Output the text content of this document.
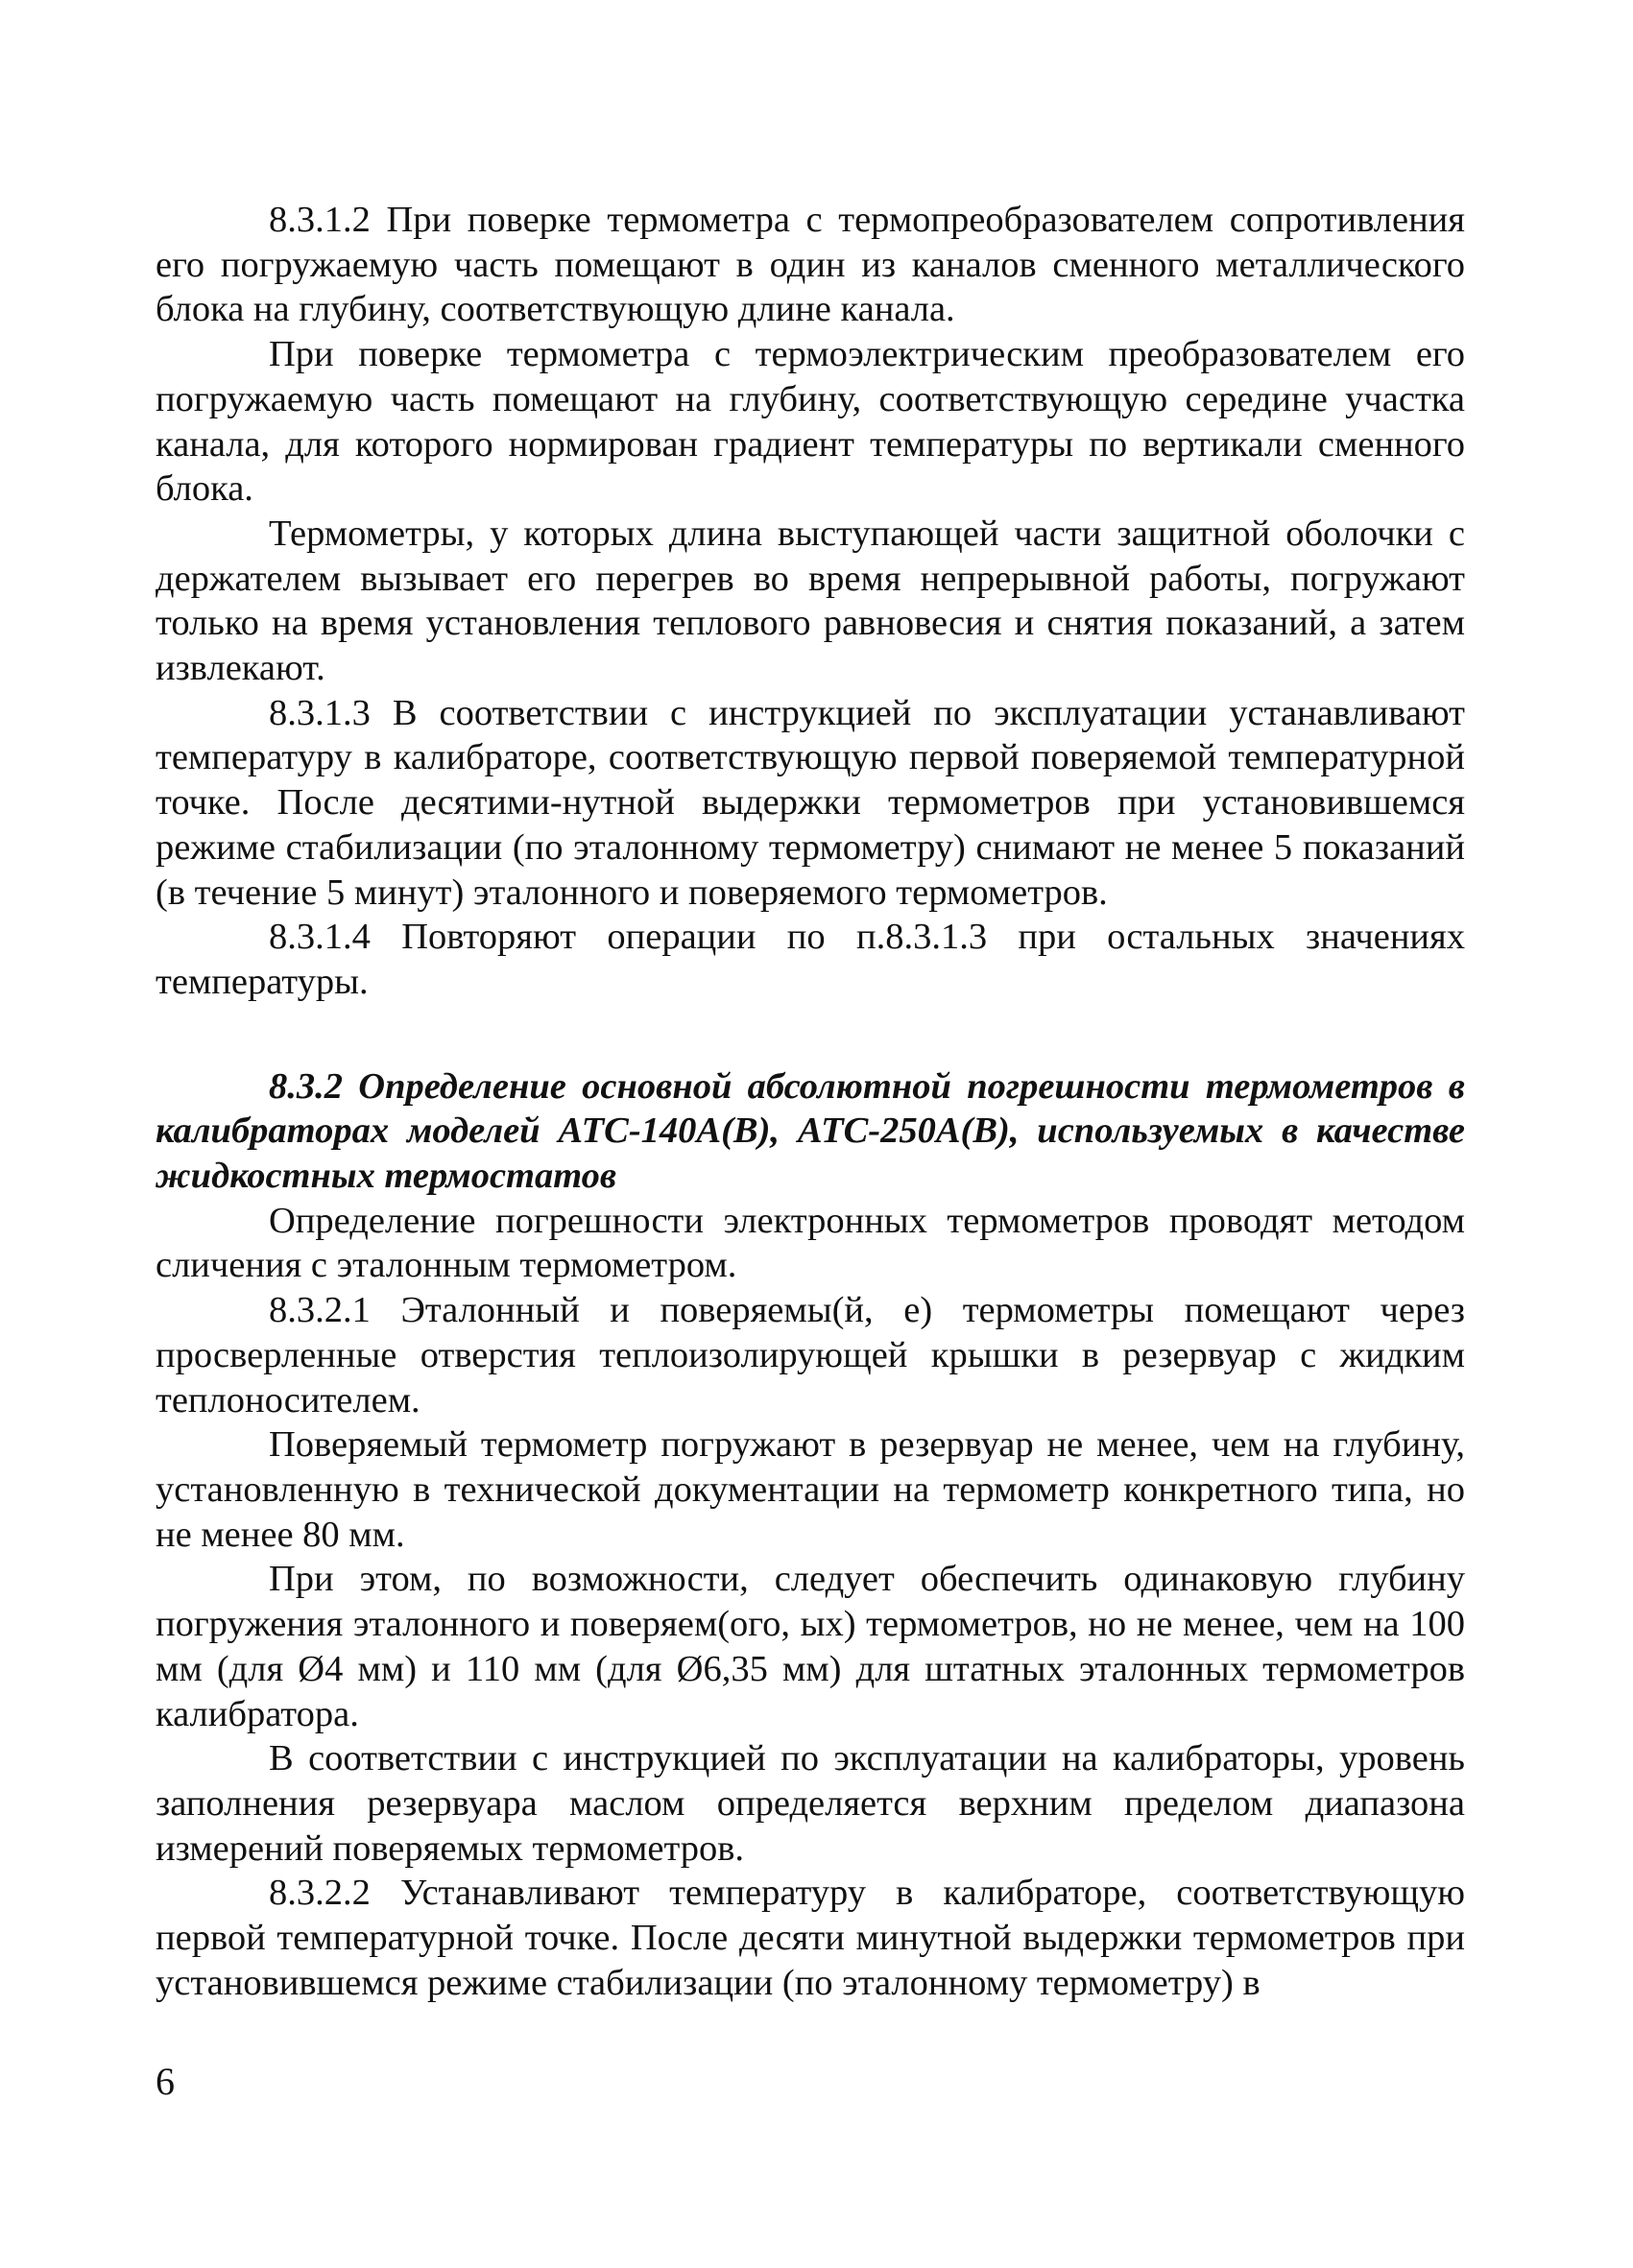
8.3.1.2 При поверке термометра с термопреобразователем сопротивления его погружаемую часть помещают в один из каналов сменного металлического блока на глубину, соответствующую длине канала.

При поверке термометра с термоэлектрическим преобразователем его погружаемую часть помещают на глубину, соответствующую середине участка канала, для которого нормирован градиент температуры по вертикали сменного блока.

Термометры, у которых длина выступающей части защитной оболочки с держателем вызывает его перегрев во время непрерывной работы, погружают только на время установления теплового равновесия и снятия показаний, а затем извлекают.

8.3.1.3 В соответствии с инструкцией по эксплуатации устанавливают температуру в калибраторе, соответствующую первой поверяемой температурной точке. После десятими-нутной выдержки термометров при установившемся режиме стабилизации (по эталонному термометру) снимают не менее 5 показаний (в течение 5 минут) эталонного и поверяемого термометров.

8.3.1.4 Повторяют операции по п.8.3.1.3 при остальных значениях температуры.

8.3.2 Определение основной абсолютной погрешности термометров в калибраторах моделей АТС-140А(В), АТС-250А(В), используемых в качестве жидкостных термостатов

Определение погрешности электронных термометров проводят методом сличения с эталонным термометром.

8.3.2.1 Эталонный и поверяемы(й, е) термометры помещают через просверленные отверстия теплоизолирующей крышки в резервуар с жидким теплоносителем.

Поверяемый термометр погружают в резервуар не менее, чем на глубину, установленную в технической документации на термометр конкретного типа, но не менее 80 мм.

При этом, по возможности, следует обеспечить одинаковую глубину погружения эталонного и поверяем(ого, ых) термометров, но не менее, чем на 100 мм (для Ø4 мм) и 110 мм (для Ø6,35 мм) для штатных эталонных термометров калибратора.

В соответствии с инструкцией по эксплуатации на калибраторы, уровень заполнения резервуара маслом определяется верхним пределом диапазона измерений поверяемых термометров.

8.3.2.2 Устанавливают температуру в калибраторе, соответствующую первой температурной точке. После десяти минутной выдержки термометров при установившемся режиме стабилизации (по эталонному термометру) в

6
